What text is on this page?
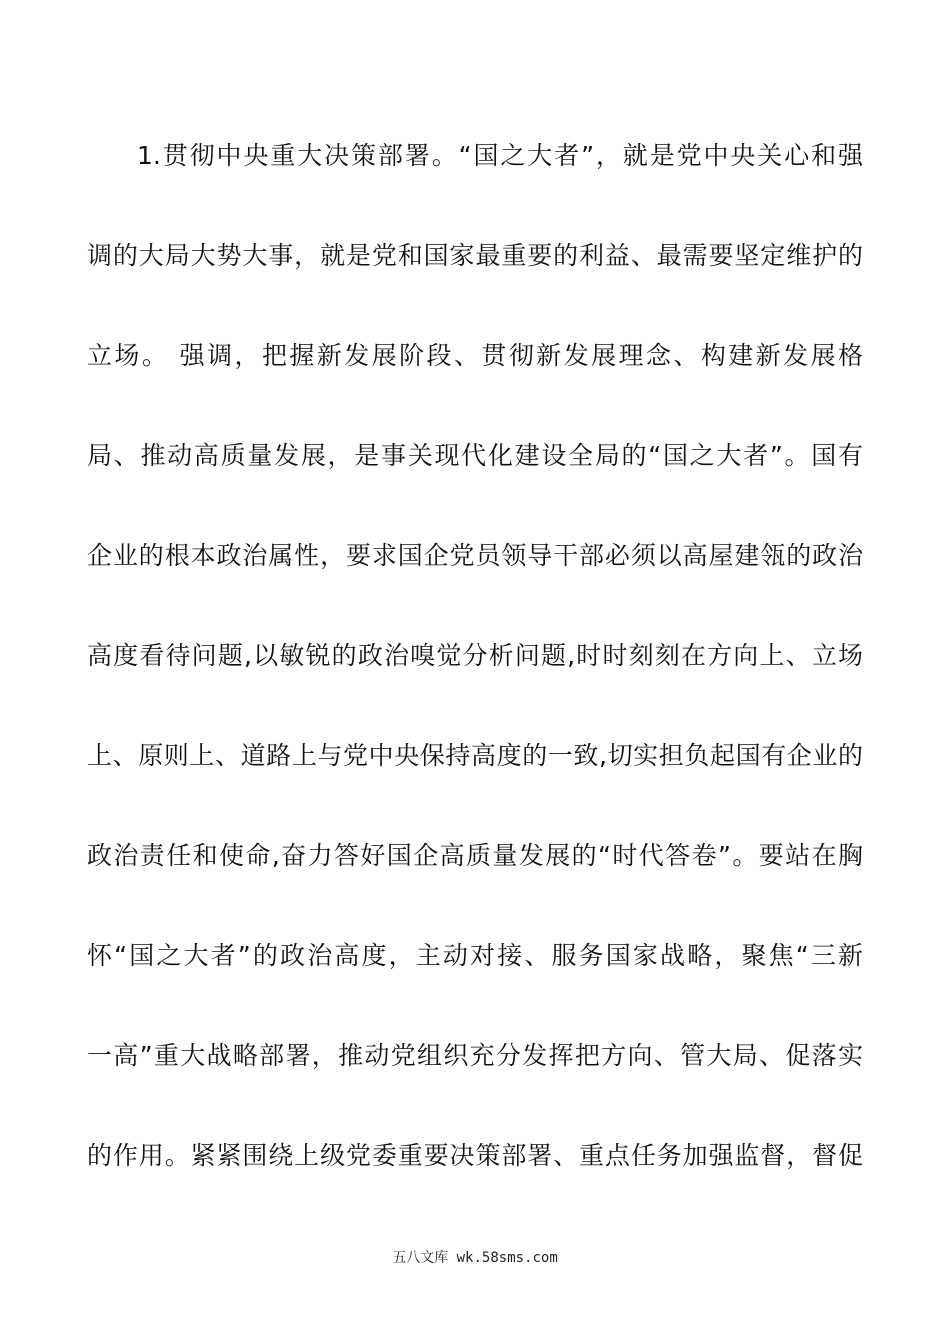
1.贯彻中央重大决策部署。“国之大者”，就是党中央关心和强
调的大局大势大事，就是党和国家最重要的利益、最需要坚定维护的
立场。 强调，把握新发展阶段、贯彻新发展理念、构建新发展格
局、推动高质量发展，是事关现代化建设全局的“国之大者”。国有
企业的根本政治属性，要求国企党员领导干部必须以高屋建瓴的政治
高度看待问题,以敏锐的政治嗅觉分析问题,时时刻刻在方向上、立场
上、原则上、道路上与党中央保持高度的一致,切实担负起国有企业的
政治责任和使命,奋力答好国企高质量发展的“时代答卷”。要站在胸
怀“国之大者”的政治高度，主动对接、服务国家战略，聚焦“三新
一高”重大战略部署，推动党组织充分发挥把方向、管大局、促落实
的作用。紧紧围绕上级党委重要决策部署、重点任务加强监督，督促
五八文库 wk.58sms.com
